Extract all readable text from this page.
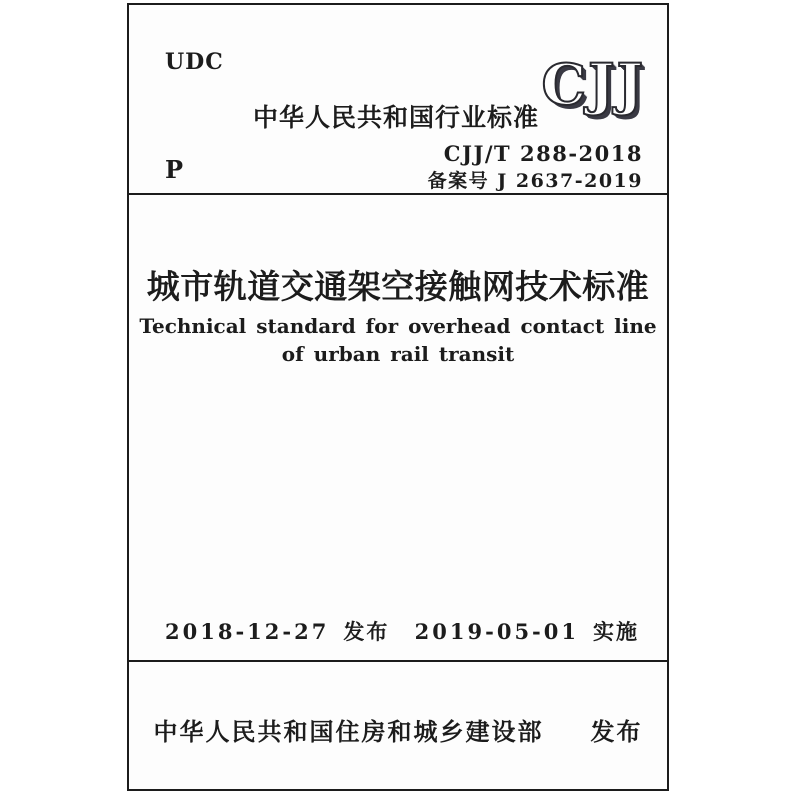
UDC
中华人民共和国行业标准 CJJ
P
CJJ/T 288-2018
备案号 J 2637-2019
城市轨道交通架空接触网技术标准
Technical standard for overhead contact line
of urban rail transit
2018-12-27 发布 2019-05-01 实施
中华人民共和国住房和城乡建设部 发布
